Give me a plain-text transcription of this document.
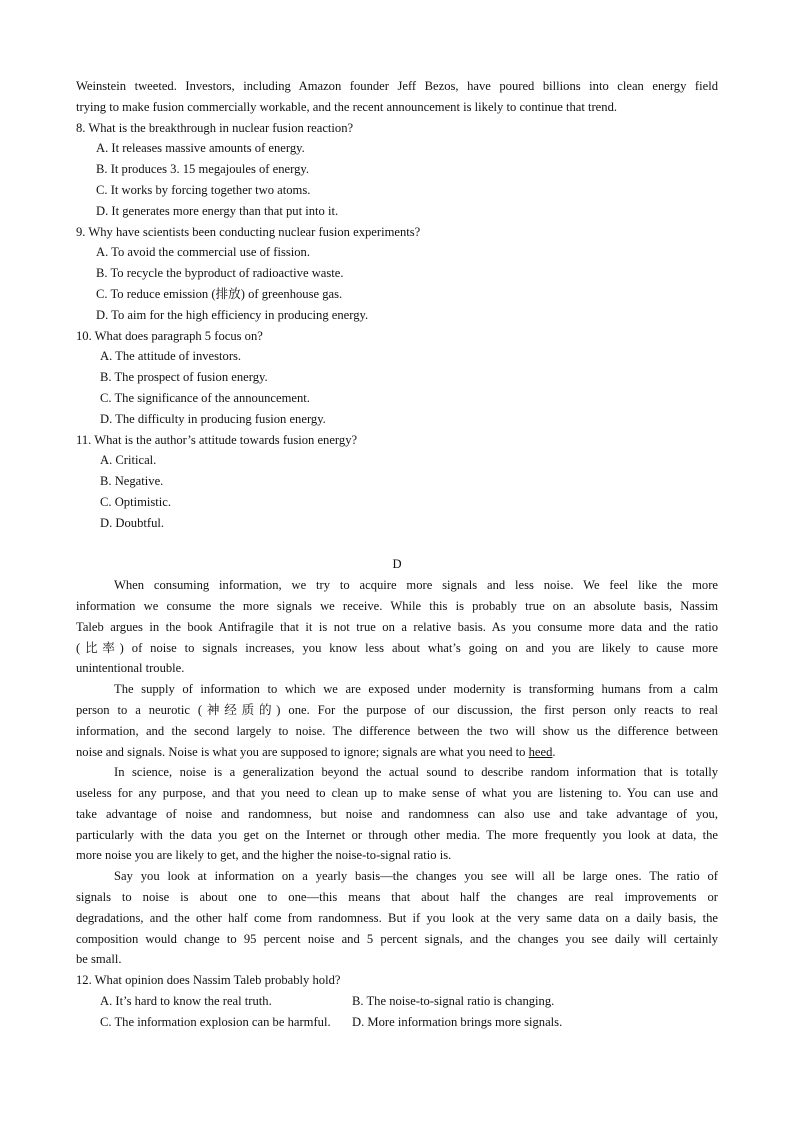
Weinstein tweeted. Investors, including Amazon founder Jeff Bezos, have poured billions into clean energy field
trying to make fusion commercially workable, and the recent announcement is likely to continue that trend.
8. What is the breakthrough in nuclear fusion reaction?
A. It releases massive amounts of energy.
B. It produces 3. 15 megajoules of energy.
C. It works by forcing together two atoms.
D. It generates more energy than that put into it.
9. Why have scientists been conducting nuclear fusion experiments?
A. To avoid the commercial use of fission.
B. To recycle the byproduct of radioactive waste.
C. To reduce emission (排放) of greenhouse gas.
D. To aim for the high efficiency in producing energy.
10. What does paragraph 5 focus on?
A. The attitude of investors.
B. The prospect of fusion energy.
C. The significance of the announcement.
D. The difficulty in producing fusion energy.
11. What is the author’s attitude towards fusion energy?
A. Critical.
B. Negative.
C. Optimistic.
D. Doubtful.
D
When consuming information, we try to acquire more signals and less noise. We feel like the more
information we consume the more signals we receive. While this is probably true on an absolute basis, Nassim
Taleb argues in the book Antifragile that it is not true on a relative basis. As you consume more data and the ratio
(比率) of noise to signals increases, you know less about what’s going on and you are likely to cause more
unintentional trouble.
The supply of information to which we are exposed under modernity is transforming humans from a calm
person to a neurotic (神经质的) one. For the purpose of our discussion, the first person only reacts to real
information, and the second largely to noise. The difference between the two will show us the difference between
noise and signals. Noise is what you are supposed to ignore; signals are what you need to heed.
In science, noise is a generalization beyond the actual sound to describe random information that is totally
useless for any purpose, and that you need to clean up to make sense of what you are listening to. You can use and
take advantage of noise and randomness, but noise and randomness can also use and take advantage of you,
particularly with the data you get on the Internet or through other media. The more frequently you look at data, the
more noise you are likely to get, and the higher the noise-to-signal ratio is.
Say you look at information on a yearly basis—the changes you see will all be large ones. The ratio of
signals to noise is about one to one—this means that about half the changes are real improvements or
degradations, and the other half come from randomness. But if you look at the very same data on a daily basis, the
composition would change to 95 percent noise and 5 percent signals, and the changes you see daily will certainly
be small.
12. What opinion does Nassim Taleb probably hold?
A. It’s hard to know the real truth.	B. The noise-to-signal ratio is changing.
C. The information explosion can be harmful.	D. More information brings more signals.
